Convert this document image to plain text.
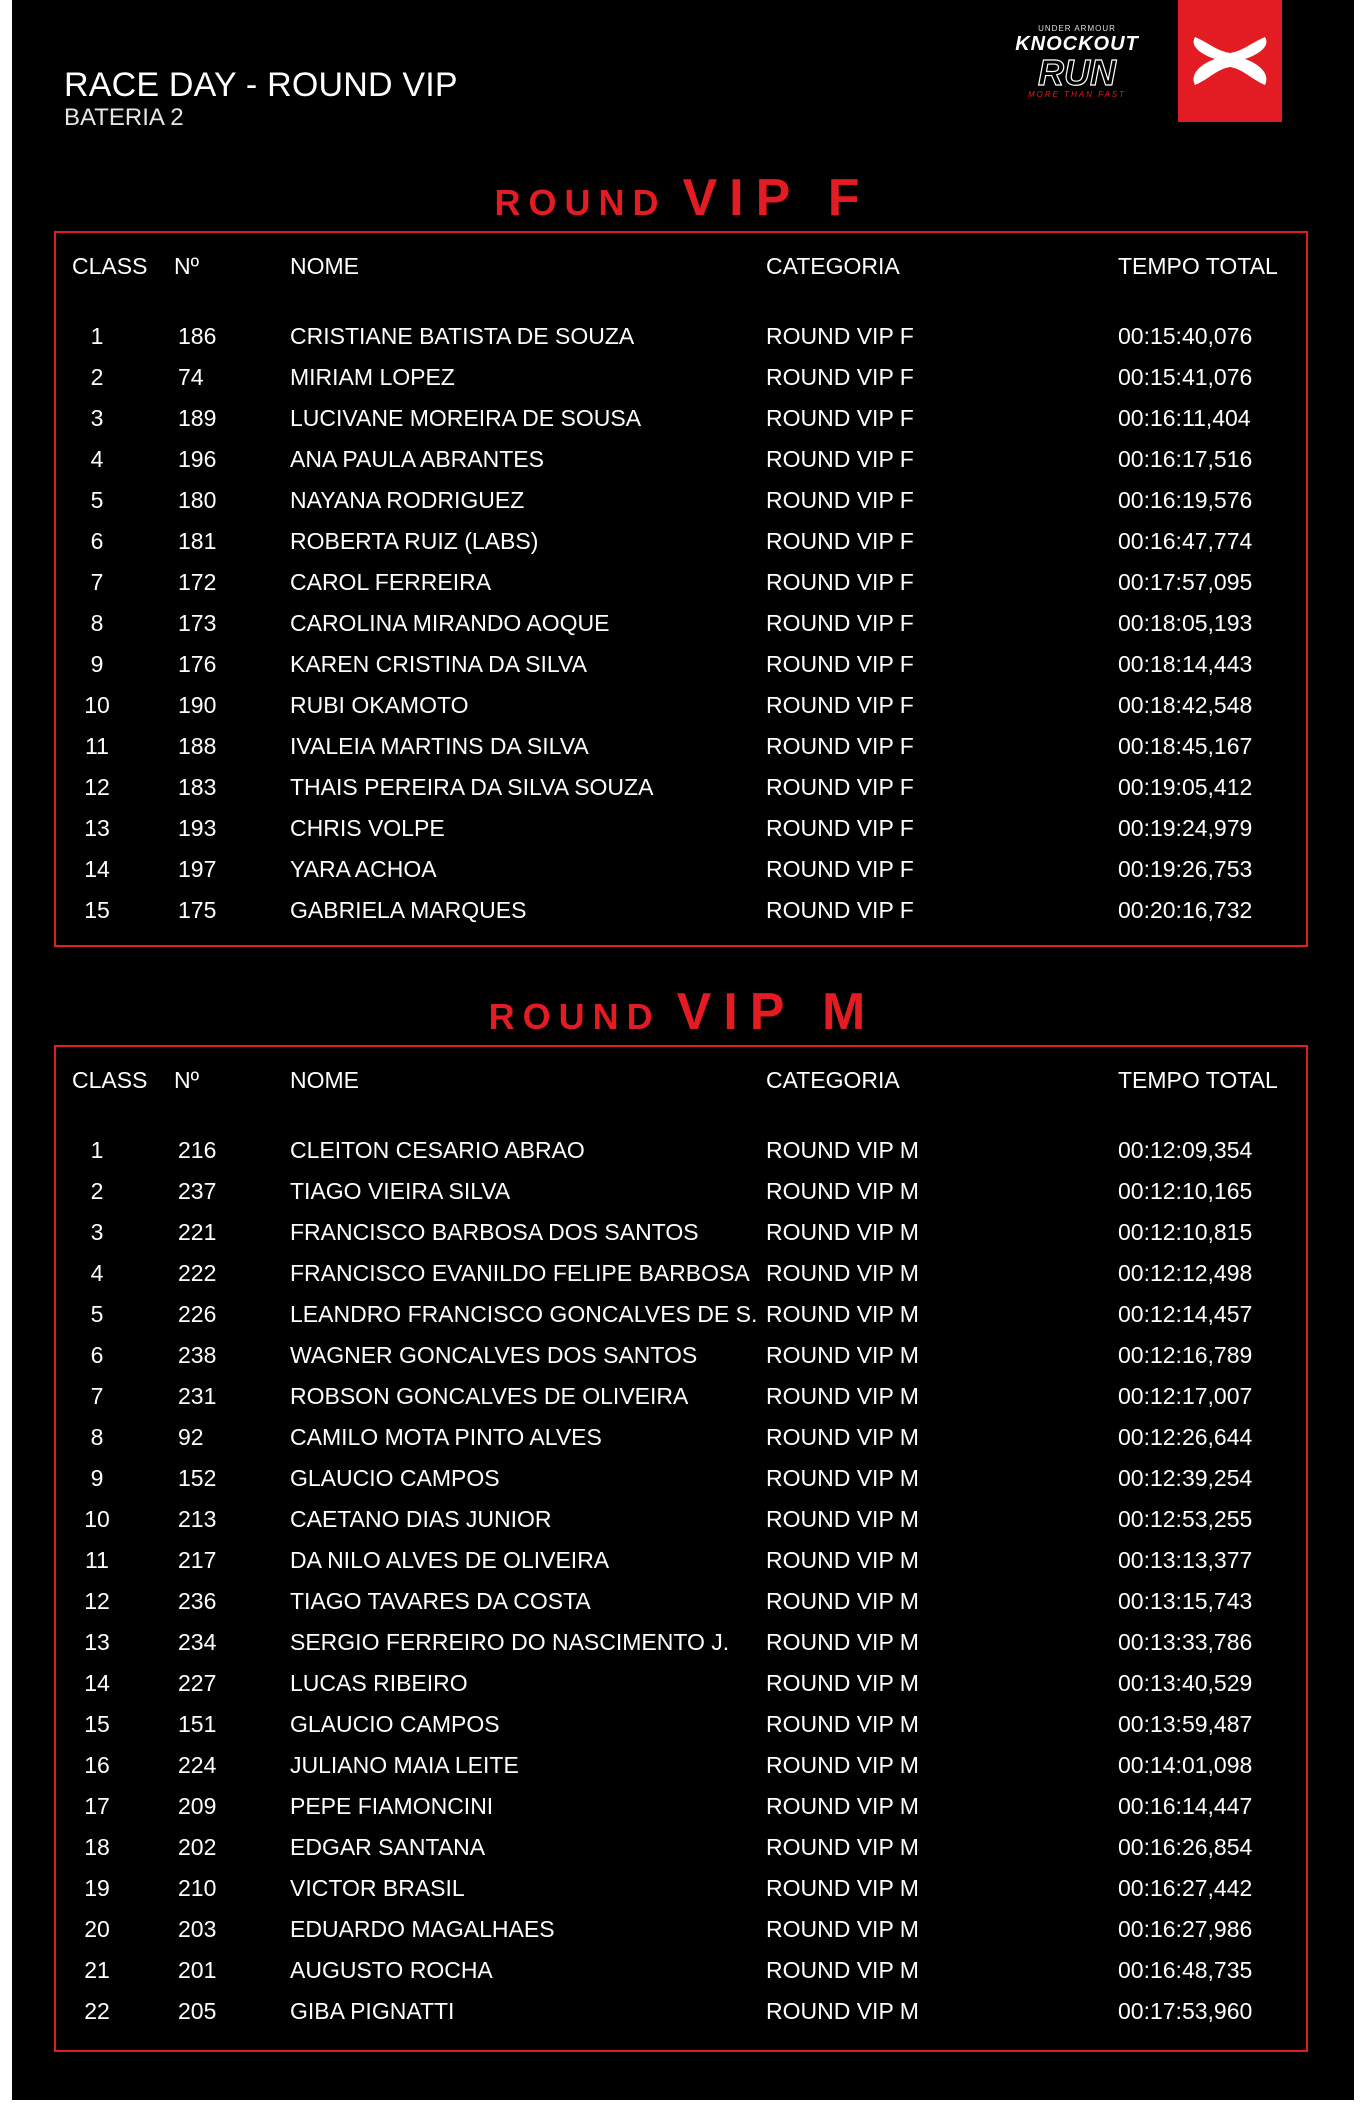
RACE DAY - ROUND VIP
BATERIA 2
UNDER ARMOUR
KNOCKOUT
RUN
MORE THAN FAST
ROUND VIP F
CLASS Nº	NOME	CATEGORIA	TEMPO TOTAL
1	186	CRISTIANE BATISTA DE SOUZA	ROUND VIP F	00:15:40,076
2	74	MIRIAM LOPEZ	ROUND VIP F	00:15:41,076
3	189	LUCIVANE MOREIRA DE SOUSA	ROUND VIP F	00:16:11,404
4	196	ANA PAULA ABRANTES	ROUND VIP F	00:16:17,516
5	180	NAYANA RODRIGUEZ	ROUND VIP F	00:16:19,576
6	181	ROBERTA RUIZ (LABS)	ROUND VIP F	00:16:47,774
7	172	CAROL FERREIRA	ROUND VIP F	00:17:57,095
8	173	CAROLINA MIRANDO AOQUE	ROUND VIP F	00:18:05,193
9	176	KAREN CRISTINA DA SILVA	ROUND VIP F	00:18:14,443
10	190	RUBI OKAMOTO	ROUND VIP F	00:18:42,548
11	188	IVALEIA MARTINS DA SILVA	ROUND VIP F	00:18:45,167
12	183	THAIS PEREIRA DA SILVA SOUZA	ROUND VIP F	00:19:05,412
13	193	CHRIS VOLPE	ROUND VIP F	00:19:24,979
14	197	YARA ACHOA	ROUND VIP F	00:19:26,753
15	175	GABRIELA MARQUES	ROUND VIP F	00:20:16,732
ROUND VIP M
CLASS Nº	NOME	CATEGORIA	TEMPO TOTAL
1	216	CLEITON CESARIO ABRAO	ROUND VIP M	00:12:09,354
2	237	TIAGO VIEIRA SILVA	ROUND VIP M	00:12:10,165
3	221	FRANCISCO BARBOSA DOS SANTOS	ROUND VIP M	00:12:10,815
4	222	FRANCISCO EVANILDO FELIPE BARBOSA ROUND VIP M	00:12:12,498
5	226	LEANDRO FRANCISCO GONCALVES DE S. ROUND VIP M	00:12:14,457
6	238	WAGNER GONCALVES DOS SANTOS	ROUND VIP M	00:12:16,789
7	231	ROBSON GONCALVES DE OLIVEIRA	ROUND VIP M	00:12:17,007
8	92	CAMILO MOTA PINTO ALVES	ROUND VIP M	00:12:26,644
9	152	GLAUCIO CAMPOS	ROUND VIP M	00:12:39,254
10	213	CAETANO DIAS JUNIOR	ROUND VIP M	00:12:53,255
11	217	DA NILO ALVES DE OLIVEIRA	ROUND VIP M	00:13:13,377
12	236	TIAGO TAVARES DA COSTA	ROUND VIP M	00:13:15,743
13	234	SERGIO FERREIRO DO NASCIMENTO J. ROUND VIP M	00:13:33,786
14	227	LUCAS RIBEIRO	ROUND VIP M	00:13:40,529
15	151	GLAUCIO CAMPOS	ROUND VIP M	00:13:59,487
16	224	JULIANO MAIA LEITE	ROUND VIP M	00:14:01,098
17	209	PEPE FIAMONCINI	ROUND VIP M	00:16:14,447
18	202	EDGAR SANTANA	ROUND VIP M	00:16:26,854
19	210	VICTOR BRASIL	ROUND VIP M	00:16:27,442
20	203	EDUARDO MAGALHAES	ROUND VIP M	00:16:27,986
21	201	AUGUSTO ROCHA	ROUND VIP M	00:16:48,735
22	205	GIBA PIGNATTI	ROUND VIP M	00:17:53,960
